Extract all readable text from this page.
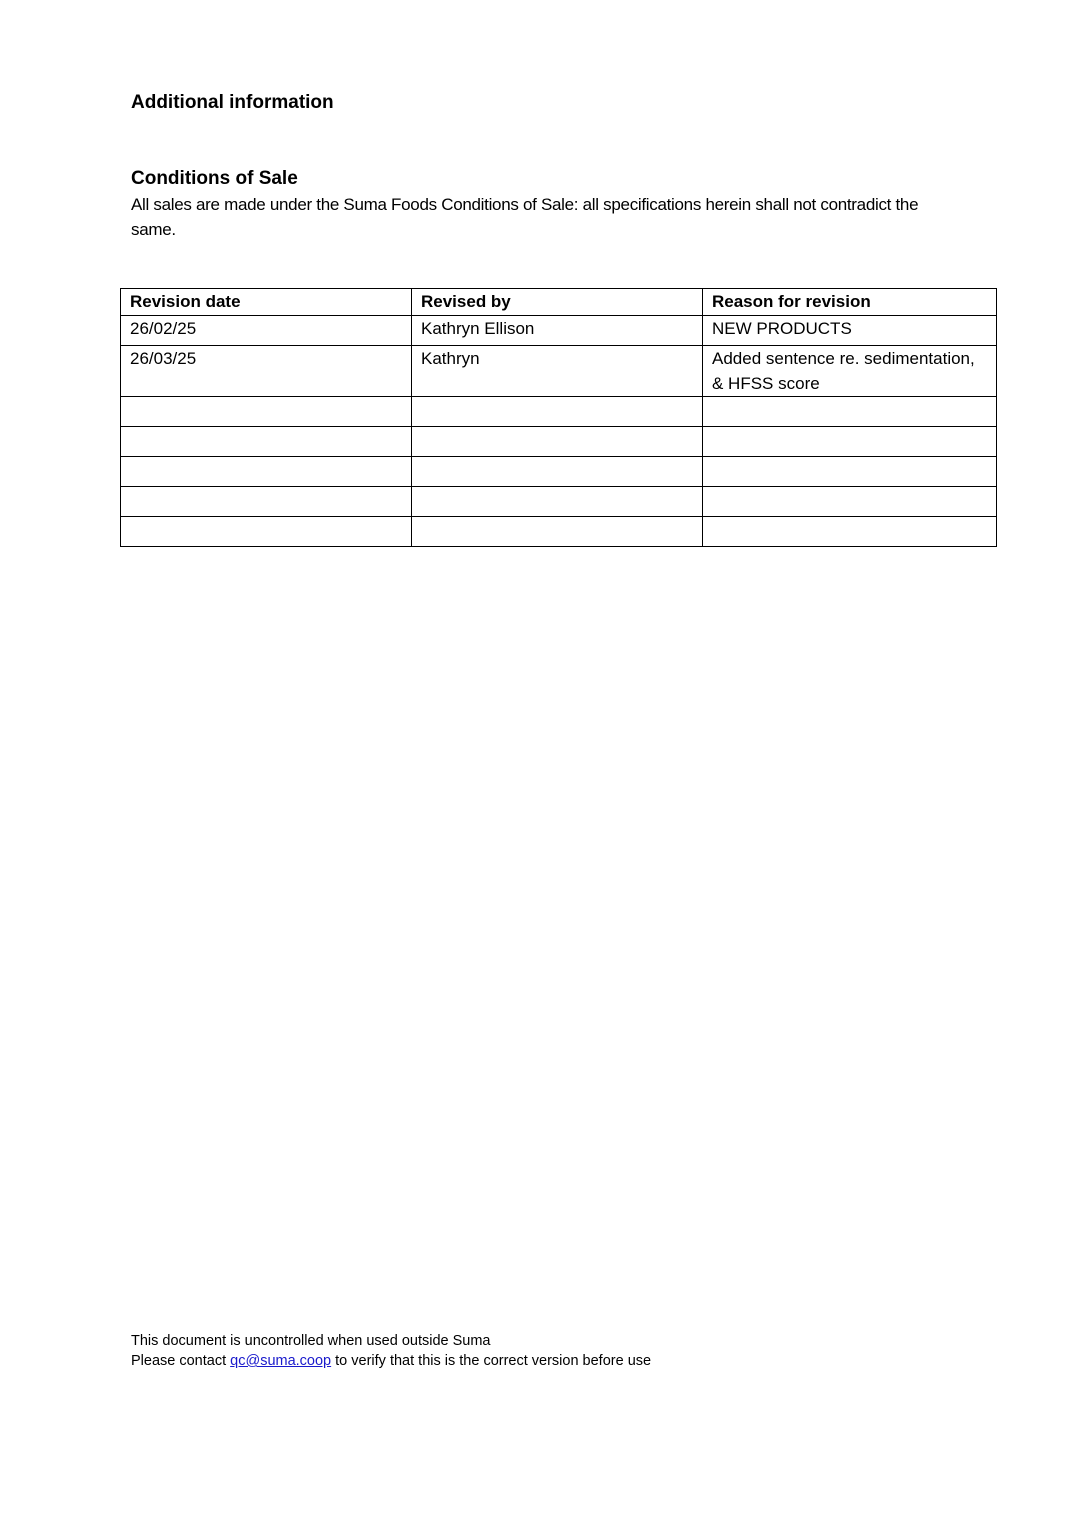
Additional information
Conditions of Sale

All sales are made under the Suma Foods Conditions of Sale: all specifications herein shall not contradict the same.

Revision date	Revised by	Reason for revision
26/02/25	Kathryn Ellison	NEW PRODUCTS
26/03/25	Kathryn	Added sentence re. sedimentation, & HFSS score

This document is uncontrolled when used outside Suma
Please contact qc@suma.coop to verify that this is the correct version before use
